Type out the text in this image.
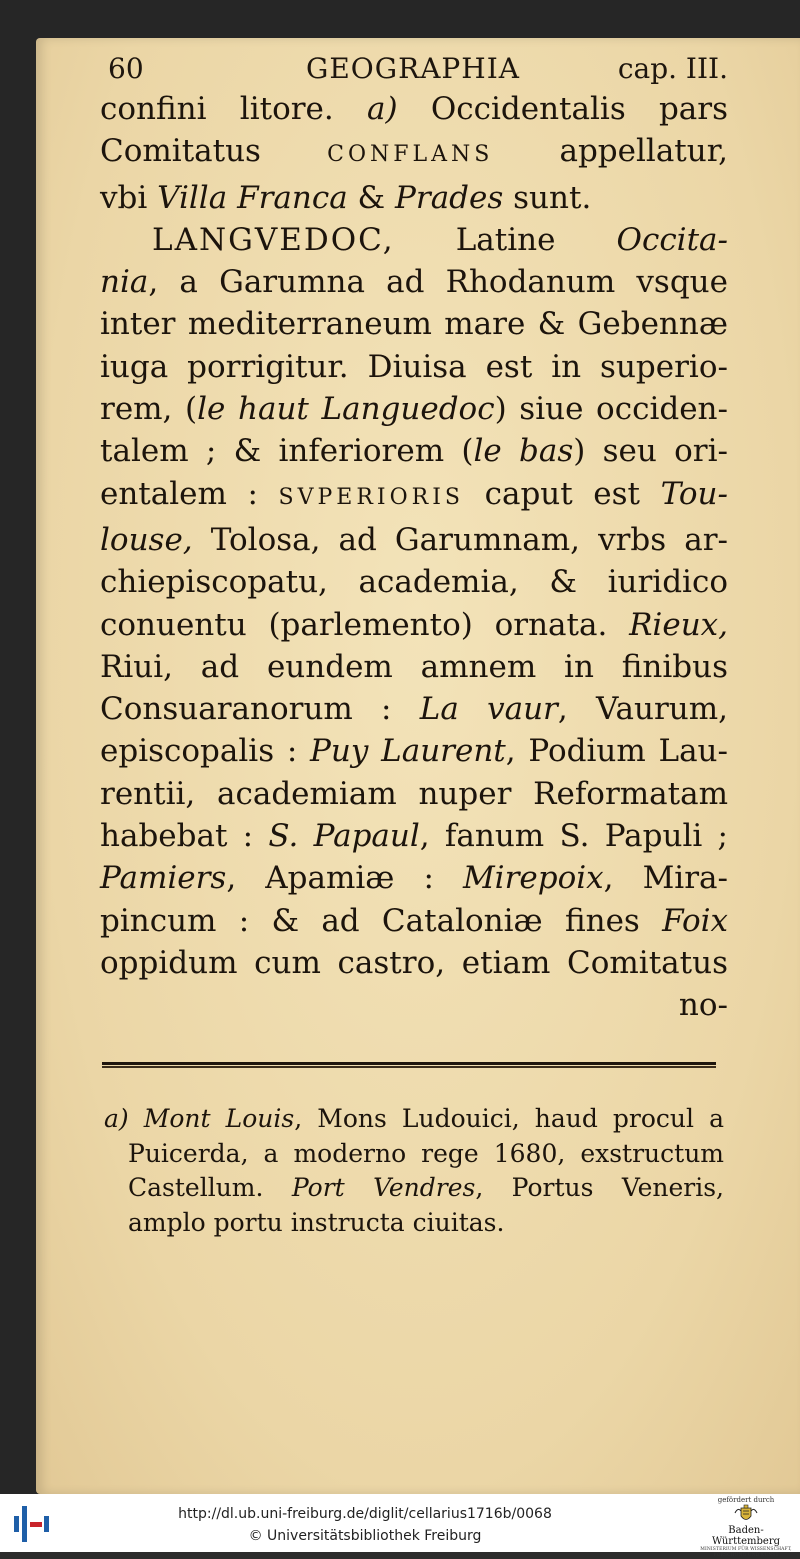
60	GEOGRAPHIA	cap. III.
confini litore. a) Occidentalis pars
Comitatus	CONFLANS appellatur,
vbi Villa Franca & Prades sunt.
LANGVEDOC, Latine Occita-
nia, a Garumna ad Rhodanum vsque
inter mediterraneum mare & Gebennæ
iuga porrigitur. Diuisa est in superio-
rem, (le haut Languedoc) siue occiden-
talem ; & inferiorem (le bas) seu ori-
entalem : SVPERIORIS caput est Tou-
louse, Tolosa, ad Garumnam, vrbs ar-
chiepiscopatu, academia, & iuridico
conuentu (parlemento) ornata. Rieux,
Riui, ad eundem amnem in finibus
Consuaranorum : La vaur, Vaurum,
episcopalis : Puy Laurent, Podium Lau-
rentii, academiam nuper Reformatam
habebat : S. Papaul, fanum S. Papuli ;
Pamiers, Apamiæ : Mirepoix, Mira-
pincum : & ad Cataloniæ fines Foix
oppidum cum castro, etiam Comitatus
no-
a) Mont Louis, Mons Ludouici, haud procul a
Puicerda, a moderno rege 1680, exstructum
Castellum. Port Vendres, Portus Veneris,
amplo portu instructa ciuitas.
http://dl.ub.uni-freiburg.de/diglit/cellarius1716b/0068
© Universitätsbibliothek Freiburg
gefördert durch
Baden-Württemberg
MINISTERIUM FÜR WISSENSCHAFT, FORSCHUNG UND KUNST
